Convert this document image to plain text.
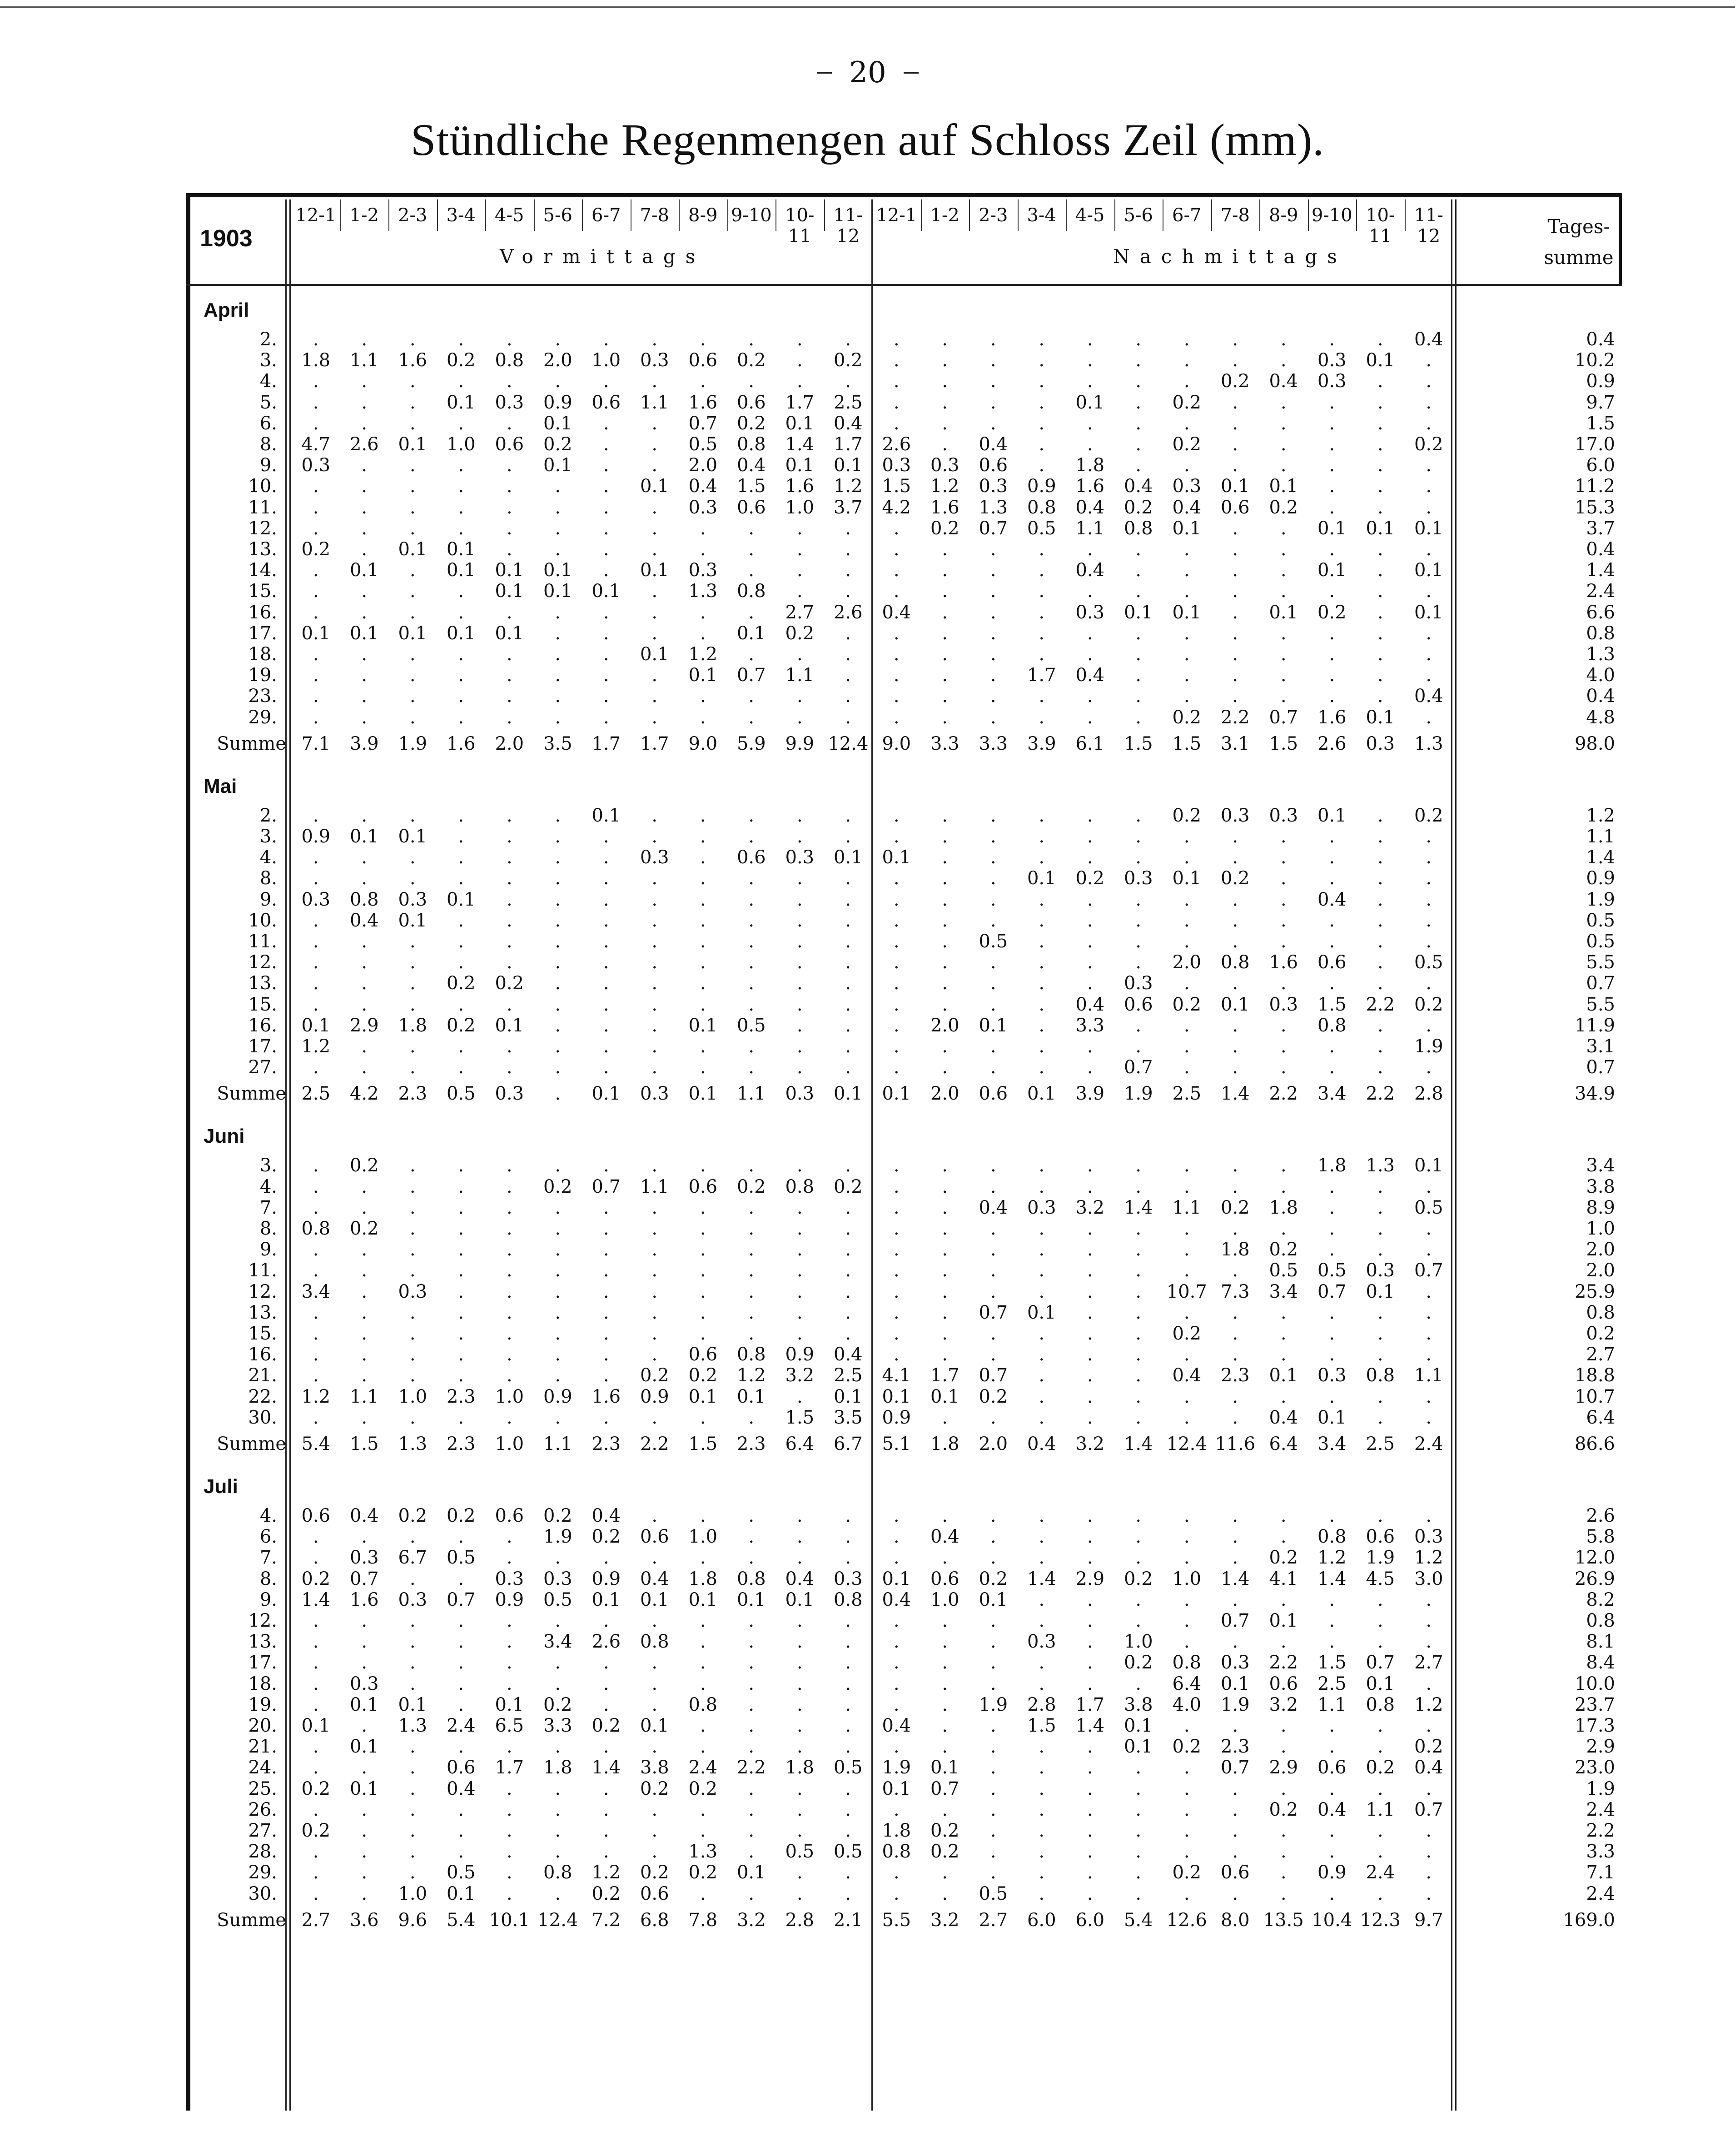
20
Stündliche Regenmengen auf Schloss Zeil (mm).
1903
12-1 1-2	2-3	3-4	4-5	5-6	6-7	7-8	8-9 9-10 10-11
11-12
12-1 1-2	2-3	3-4	4-5	5-6	6-7	7-8	8-9 9-10 10-11
11-12
Vormittags	Nachmittags
Tages-
summe
April
2.	.	.	.	.	.	.	.	.	.	.	.	.	.	.	.	.	.	.	.	.	.	.	.	0.4	0.4
3.	1.8	1.1	1.6	0.2	0.8	2.0	1.0	0.3	0.6	0.2	.	0.2	.	.	.	.	.	.	.	.	.	0.3	0.1	.	10.2
4.	.	.	.	.	.	.	.	.	.	.	.	.	.	.	.	.	.	.	.	0.2	0.4	0.3	.	.	0.9
5.	.	.	.	0.1	0.3	0.9	0.6	1.1	1.6	0.6	1.7	2.5	.	.	.	.	0.1	.	0.2	.	.	.	.	.	9.7
6.	.	.	.	.	.	0.1	.	.	0.7	0.2	0.1	0.4	.	.	.	.	.	.	.	.	.	.	.	.	1.5
8.	4.7	2.6	0.1	1.0	0.6	0.2	.	.	0.5	0.8	1.4	1.7	2.6	.	0.4	.	.	.	0.2	.	.	.	.	0.2	17.0
9.	0.3	.	.	.	.	0.1	.	.	2.0	0.4	0.1	0.1	0.3	0.3	0.6	.	1.8	.	.	.	.	.	.	.	6.0
10.	.	.	.	.	.	.	.	0.1	0.4	1.5	1.6	1.2	1.5	1.2	0.3	0.9	1.6	0.4	0.3	0.1	0.1	.	.	.	11.2
11.	.	.	.	.	.	.	.	.	0.3	0.6	1.0	3.7	4.2	1.6	1.3	0.8	0.4	0.2	0.4	0.6	0.2	.	.	.	15.3
12.	.	.	.	.	.	.	.	.	.	.	.	.	.	0.2	0.7	0.5	1.1	0.8	0.1	.	.	0.1	0.1	0.1	3.7
13.	0.2	.	0.1	0.1	.	.	.	.	.	.	.	.	.	.	.	.	.	.	.	.	.	.	.	.	0.4
14.	.	0.1	.	0.1	0.1	0.1	.	0.1	0.3	.	.	.	.	.	.	.	0.4	.	.	.	.	0.1	.	0.1	1.4
15.	.	.	.	.	0.1	0.1	0.1	.	1.3	0.8	.	.	.	.	.	.	.	.	.	.	.	.	.	.	2.4
16.	.	.	.	.	.	.	.	.	.	.	2.7	2.6	0.4	.	.	.	0.3	0.1	0.1	.	0.1	0.2	.	0.1	6.6
17.	0.1	0.1	0.1	0.1	0.1	.	.	.	.	0.1	0.2	.	.	.	.	.	.	.	.	.	.	.	.	.	0.8
18.	.	.	.	.	.	.	.	0.1	1.2	.	.	.	.	.	.	.	.	.	.	.	.	.	.	.	1.3
19.	.	.	.	.	.	.	.	.	0.1	0.7	1.1	.	.	.	.	1.7	0.4	.	.	.	.	.	.	.	4.0
23.	.	.	.	.	.	.	.	.	.	.	.	.	.	.	.	.	.	.	.	.	.	.	.	0.4	0.4
29.	.	.	.	.	.	.	.	.	.	.	.	.	.	.	.	.	.	.	0.2	2.2	0.7	1.6	0.1	.	4.8
Summe 7.1	3.9	1.9	1.6	2.0	3.5	1.7	1.7	9.0	5.9	9.9 12.4 9.0	3.3	3.3	3.9	6.1	1.5	1.5	3.1	1.5	2.6	0.3	1.3	98.0
Mai
2.	.	.	.	.	.	.	0.1	.	.	.	.	.	.	.	.	.	.	.	0.2	0.3	0.3	0.1	.	0.2	1.2
3.	0.9	0.1	0.1	.	.	.	.	.	.	.	.	.	.	.	.	.	.	.	.	.	.	.	.	.	1.1
4.	.	.	.	.	.	.	.	0.3	.	0.6	0.3	0.1	0.1	.	.	.	.	.	.	.	.	.	.	.	1.4
8.	.	.	.	.	.	.	.	.	.	.	.	.	.	.	.	0.1	0.2	0.3	0.1	0.2	.	.	.	.	0.9
9.	0.3	0.8	0.3	0.1	.	.	.	.	.	.	.	.	.	.	.	.	.	.	.	.	.	0.4	.	.	1.9
10.	.	0.4	0.1	.	.	.	.	.	.	.	.	.	.	.	.	.	.	.	.	.	.	.	.	.	0.5
11.	.	.	.	.	.	.	.	.	.	.	.	.	.	.	0.5	.	.	.	.	.	.	.	.	.	0.5
12.	.	.	.	.	.	.	.	.	.	.	.	.	.	.	.	.	.	.	2.0	0.8	1.6	0.6	.	0.5	5.5
13.	.	.	.	0.2	0.2	.	.	.	.	.	.	.	.	.	.	.	.	0.3	.	.	.	.	.	.	0.7
15.	.	.	.	.	.	.	.	.	.	.	.	.	.	.	.	.	0.4	0.6	0.2	0.1	0.3	1.5	2.2	0.2	5.5
16.	0.1	2.9	1.8	0.2	0.1	.	.	.	0.1	0.5	.	.	.	2.0	0.1	.	3.3	.	.	.	.	0.8	.	.	11.9
17.	1.2	.	.	.	.	.	.	.	.	.	.	.	.	.	.	.	.	.	.	.	.	.	.	1.9	3.1
27.	.	.	.	.	.	.	.	.	.	.	.	.	.	.	.	.	.	0.7	.	.	.	.	.	.	0.7
Summe 2.5	4.2	2.3	0.5	0.3	.	0.1	0.3	0.1	1.1	0.3	0.1	0.1	2.0	0.6	0.1	3.9	1.9	2.5	1.4	2.2	3.4	2.2	2.8	34.9
Juni
3.	.	0.2	.	.	.	.	.	.	.	.	.	.	.	.	.	.	.	.	.	.	.	1.8	1.3	0.1	3.4
4.	.	.	.	.	.	0.2	0.7	1.1	0.6	0.2	0.8	0.2	.	.	.	.	.	.	.	.	.	.	.	.	3.8
7.	.	.	.	.	.	.	.	.	.	.	.	.	.	.	0.4	0.3	3.2	1.4	1.1	0.2	1.8	.	.	0.5	8.9
8.	0.8	0.2	.	.	.	.	.	.	.	.	.	.	.	.	.	.	.	.	.	.	.	.	.	.	1.0
9.	.	.	.	.	.	.	.	.	.	.	.	.	.	.	.	.	.	.	.	1.8	0.2	.	.	.	2.0
11.	.	.	.	.	.	.	.	.	.	.	.	.	.	.	.	.	.	.	.	.	0.5	0.5	0.3	0.7	2.0
12.	3.4	.	0.3	.	.	.	.	.	.	.	.	.	.	.	.	.	.	.	10.7 7.3	3.4	0.7	0.1	.	25.9
13.	.	.	.	.	.	.	.	.	.	.	.	.	.	.	0.7	0.1	.	.	.	.	.	.	.	.	0.8
15.	.	.	.	.	.	.	.	.	.	.	.	.	.	.	.	.	.	.	0.2	.	.	.	.	.	0.2
16.	.	.	.	.	.	.	.	.	0.6	0.8	0.9	0.4	.	.	.	.	.	.	.	.	.	.	.	.	2.7
21.	.	.	.	.	.	.	.	0.2	0.2	1.2	3.2	2.5	4.1	1.7	0.7	.	.	.	0.4	2.3	0.1	0.3	0.8	1.1	18.8
22.	1.2	1.1	1.0	2.3	1.0	0.9	1.6	0.9	0.1	0.1	.	0.1	0.1	0.1	0.2	.	.	.	.	.	.	.	.	.	10.7
30.	.	.	.	.	.	.	.	.	.	.	1.5	3.5	0.9	.	.	.	.	.	.	.	0.4	0.1	.	.	6.4
Summe 5.4	1.5	1.3	2.3	1.0	1.1	2.3	2.2	1.5	2.3	6.4	6.7	5.1	1.8	2.0	0.4	3.2	1.4 12.4 11.6 6.4	3.4	2.5	2.4	86.6
Juli
4.	0.6	0.4	0.2	0.2	0.6	0.2	0.4	.	.	.	.	.	.	.	.	.	.	.	.	.	.	.	.	.	2.6
6.	.	.	.	.	.	1.9	0.2	0.6	1.0	.	.	.	.	0.4	.	.	.	.	.	.	.	0.8	0.6	0.3	5.8
7.	.	0.3	6.7	0.5	.	.	.	.	.	.	.	.	.	.	.	.	.	.	.	.	0.2	1.2	1.9	1.2	12.0
8.	0.2	0.7	.	.	0.3	0.3	0.9	0.4	1.8	0.8	0.4	0.3	0.1	0.6	0.2	1.4	2.9	0.2	1.0	1.4	4.1	1.4	4.5	3.0	26.9
9.	1.4	1.6	0.3	0.7	0.9	0.5	0.1	0.1	0.1	0.1	0.1	0.8	0.4	1.0	0.1	.	.	.	.	.	.	.	.	.	8.2
12.	.	.	.	.	.	.	.	.	.	.	.	.	.	.	.	.	.	.	.	0.7	0.1	.	.	.	0.8
13.	.	.	.	.	.	3.4	2.6	0.8	.	.	.	.	.	.	.	0.3	.	1.0	.	.	.	.	.	.	8.1
17.	.	.	.	.	.	.	.	.	.	.	.	.	.	.	.	.	.	0.2	0.8	0.3	2.2	1.5	0.7	2.7	8.4
18.	.	0.3	.	.	.	.	.	.	.	.	.	.	.	.	.	.	.	.	6.4	0.1	0.6	2.5	0.1	.	10.0
19.	.	0.1	0.1	.	0.1	0.2	.	.	0.8	.	.	.	.	.	1.9	2.8	1.7	3.8	4.0	1.9	3.2	1.1	0.8	1.2	23.7
20.	0.1	.	1.3	2.4	6.5	3.3	0.2	0.1	.	.	.	.	0.4	.	.	1.5	1.4	0.1	.	.	.	.	.	.	17.3
21.	.	0.1	.	.	.	.	.	.	.	.	.	.	.	.	.	.	.	0.1	0.2	2.3	.	.	.	0.2	2.9
24.	.	.	.	0.6	1.7	1.8	1.4	3.8	2.4	2.2	1.8	0.5	1.9	0.1	.	.	.	.	.	0.7	2.9	0.6	0.2	0.4	23.0
25.	0.2	0.1	.	0.4	.	.	.	0.2	0.2	.	.	.	0.1	0.7	.	.	.	.	.	.	.	.	.	.	1.9
26.	.	.	.	.	.	.	.	.	.	.	.	.	.	.	.	.	.	.	.	.	0.2	0.4	1.1	0.7	2.4
27.	0.2	.	.	.	.	.	.	.	.	.	.	.	1.8	0.2	.	.	.	.	.	.	.	.	.	.	2.2
28.	.	.	.	.	.	.	.	.	1.3	.	0.5	0.5	0.8	0.2	.	.	.	.	.	.	.	.	.	.	3.3
29.	.	.	.	0.5	.	0.8	1.2	0.2	0.2	0.1	.	.	.	.	.	.	.	.	0.2	0.6	.	0.9	2.4	.	7.1
30.	.	.	1.0	0.1	.	.	0.2	0.6	.	.	.	.	.	.	0.5	.	.	.	.	.	.	.	.	.	2.4
Summe 2.7	3.6	9.6	5.4 10.1 12.4 7.2	6.8	7.8	3.2	2.8	2.1	5.5	3.2	2.7	6.0	6.0	5.4 12.6 8.0 13.5 10.4 12.3 9.7	169.0
